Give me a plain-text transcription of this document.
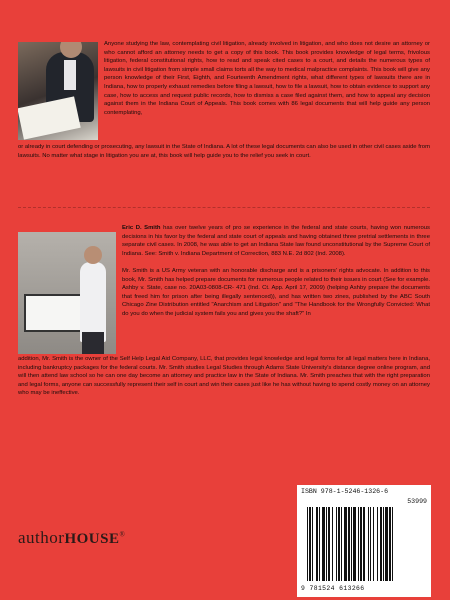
Anyone studying the law, contemplating civil litigation, already involved in litigation, and who does not desire an attorney or who cannot afford an attorney needs to get a copy of this book. This book provides knowledge of legal terms, frivolous litigation, federal constitutional rights, how to read and speak cited cases to a court, and details the numerous types of lawsuits in civil litigation from simple small claims torts all the way to medical malpractice complaints. This book will give any person knowledge of their First, Eighth, and Fourteenth Amendment rights, what different types of lawsuits there are in Indiana, how to properly exhaust remedies before filing a lawsuit, how to file a lawsuit, how to obtain evidence to support any case, how to access and request public records, how to dismiss a case filed against them, and how to appeal any decision against them in the Indiana Court of Appeals. This book comes with 86 legal documents that will help guide any person contemplating,

or already in court defending or prosecuting, any lawsuit in the State of Indiana. A lot of these legal documents can also be used in other civil cases aside from lawsuits. No matter what stage in litigation you are at, this book will help guide you to the relief you seek in court.

Eric D. Smith has over twelve years of pro se experience in the federal and state courts, having won numerous decisions in his favor by the federal and state court of appeals and having obtained three pretrial settlements in three separate civil cases. In 2008, he was able to get an Indiana State law found unconstitutional by the Supreme Court of Indiana. See: Smith v. Indiana Department of Correction, 883 N.E. 2d 802 (Ind. 2008).

Mr. Smith is a US Army veteran with an honorable discharge and is a prisoners' rights advocate. In addition to this book, Mr. Smith has helped prepare documents for numerous people related to their issues in court (See for example. Ashby v. State, case no. 20A03-0808-CR- 471 (Ind. Ct. App. April 17, 2009) (helping Ashby prepare the documents that freed him for prison after being illegally sentenced)), and has written two zines, published by the ABC South Chicago Zine Distribution entitled "Anarchism and Litigation" and "The Handbook for the Wrongfully Convicted: What do you do when the judicial system fails you and gives you the shaft?" In

addition, Mr. Smith is the owner of the Self Help Legal Aid Company, LLC, that provides legal knowledge and legal forms for all legal matters here in Indiana, including bankruptcy packages for the federal courts. Mr. Smith studies Legal Studies through Adams State University's distance degree online program, and will then attend law school so he can one day become an attorney and practice law in the State of Indiana. Mr. Smith preaches that with the right preparation and legal forms, anyone can successfully represent their self in court and win their cases just like he has without having to spend costly money on an attorney who may be ineffective.

authorHOUSE®
ISBN 978-1-5246-1326-6
53999
9 781524 613266
